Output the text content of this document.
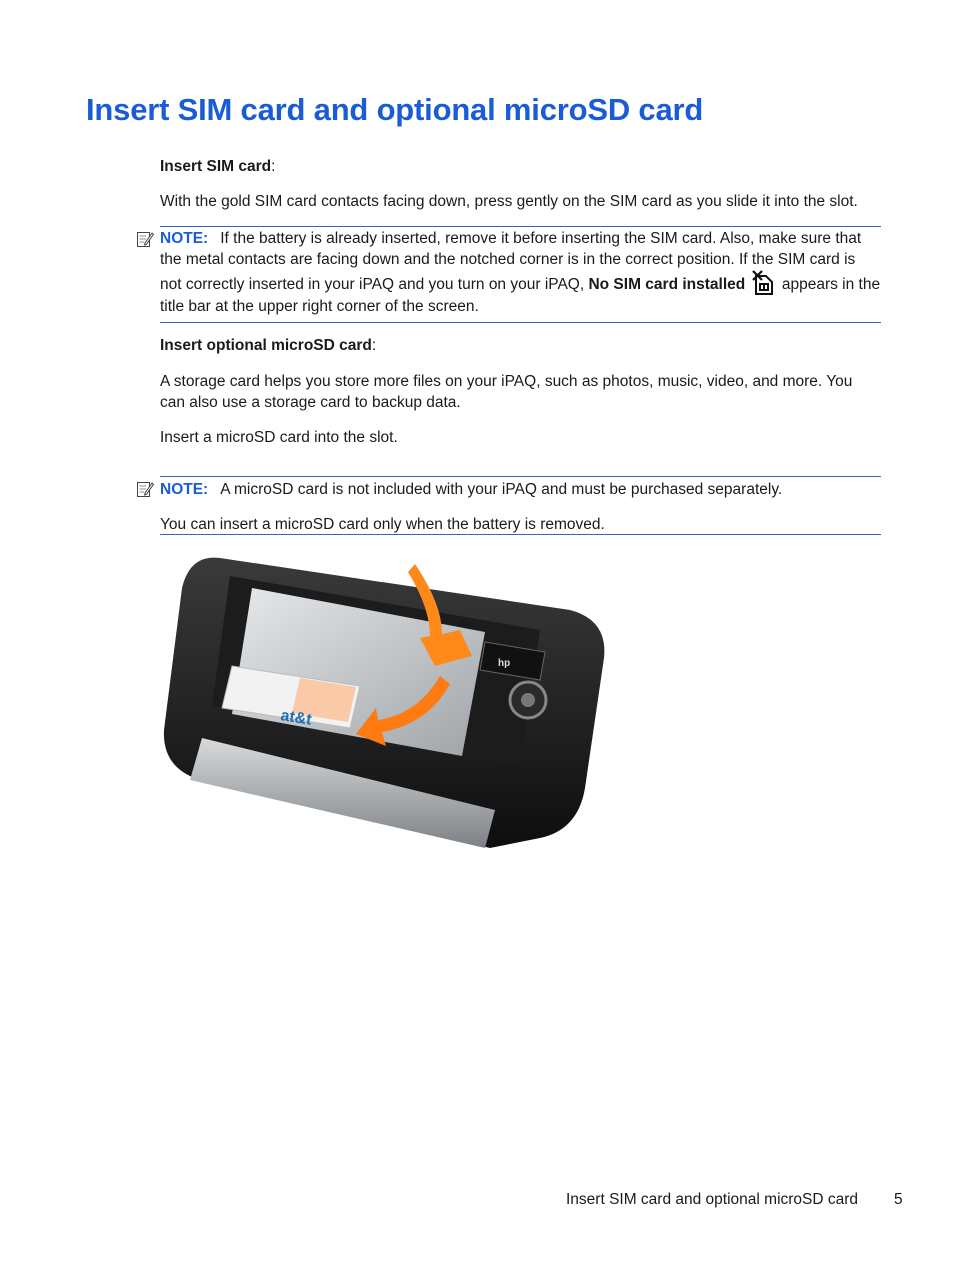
Insert SIM card and optional microSD card

Insert SIM card:

With the gold SIM card contacts facing down, press gently on the SIM card as you slide it into the slot.

NOTE: If the battery is already inserted, remove it before inserting the SIM card. Also, make sure that the metal contacts are facing down and the notched corner is in the correct position. If the SIM card is not correctly inserted in your iPAQ and you turn on your iPAQ, No SIM card installed appears in the title bar at the upper right corner of the screen.

Insert optional microSD card:

A storage card helps you store more files on your iPAQ, such as photos, music, video, and more. You can also use a storage card to backup data.

Insert a microSD card into the slot.

NOTE: A microSD card is not included with your iPAQ and must be purchased separately.
You can insert a microSD card only when the battery is removed.
at&t
hp
Insert SIM card and optional microSD card 5
